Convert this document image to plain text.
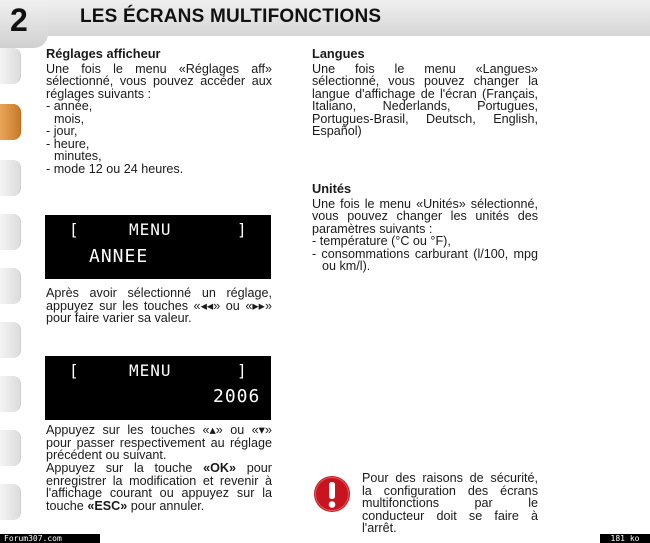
2	LES ÉCRANS MULTIFONCTIONS
Réglages afficheur
Une fois le menu «Réglages aff» sélectionné, vous pouvez accéder aux réglages suivants :
- année,
mois,
- jour,
- heure,
minutes,
- mode 12 ou 24 heures.
[	MENU	]
ANNEE
Après avoir sélectionné un réglage, appuyez sur les touches «◂◂» ou «▸▸» pour faire varier sa valeur.
[	MENU	]
2006
Appuyez sur les touches «▴» ou «▾» pour passer respectivement au réglage précédent ou suivant.
Appuyez sur la touche «OK» pour enregistrer la modification et revenir à l'affichage courant ou appuyez sur la touche «ESC» pour annuler.
Langues
Une fois le menu «Langues» sélectionné, vous pouvez changer la langue d'affichage de l'écran (Français, Italiano, Nederlands, Portugues, Portugues-Brasil, Deutsch, English, Español)
Unités
Une fois le menu «Unités» sélectionné, vous pouvez changer les unités des paramètres suivants :
- température (°C ou °F),
- consommations carburant (l/100, mpg ou km/l).
Pour des raisons de sécurité, la configuration des écrans multifonctions par le conducteur doit se faire à l'arrêt.
Forum307.com	181 ko
